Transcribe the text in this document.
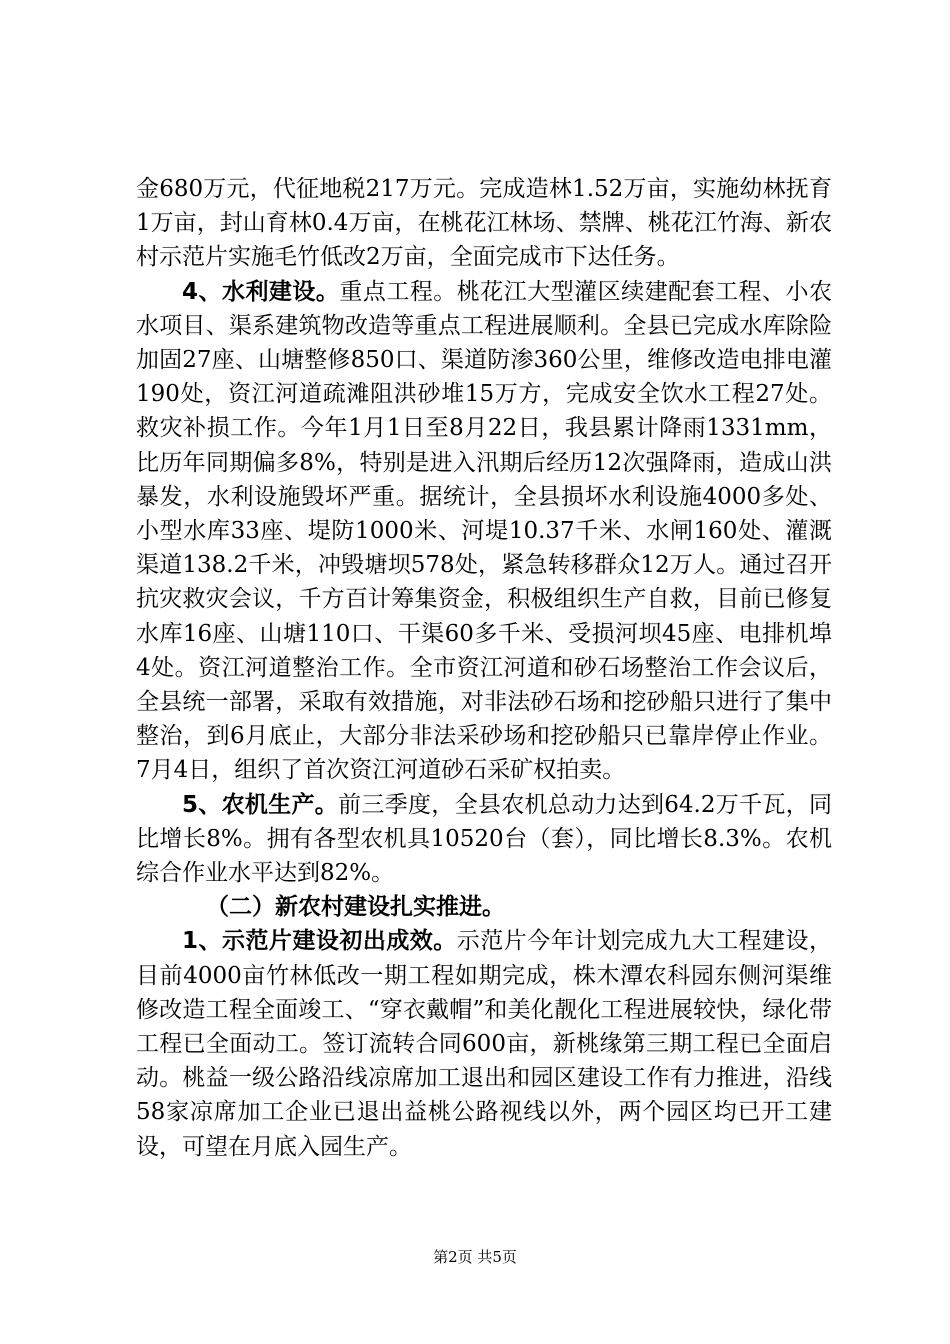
金680万元，代征地税217万元。完成造林1.52万亩，实施幼林抚育1万亩，封山育林0.4万亩，在桃花江林场、禁牌、桃花江竹海、新农村示范片实施毛竹低改2万亩，全面完成市下达任务。

4、水利建设。重点工程。桃花江大型灌区续建配套工程、小农水项目、渠系建筑物改造等重点工程进展顺利。全县已完成水库除险加固27座、山塘整修850口、渠道防渗360公里，维修改造电排电灌190处，资江河道疏滩阻洪砂堆15万方，完成安全饮水工程27处。救灾补损工作。今年1月1日至8月22日，我县累计降雨1331mm，比历年同期偏多8%，特别是进入汛期后经历12次强降雨，造成山洪暴发，水利设施毁坏严重。据统计，全县损坏水利设施4000多处、小型水库33座、堤防1000米、河堤10.37千米、水闸160处、灌溉渠道138.2千米，冲毁塘坝578处，紧急转移群众12万人。通过召开抗灾救灾会议，千方百计筹集资金，积极组织生产自救，目前已修复水库16座、山塘110口、干渠60多千米、受损河坝45座、电排机埠4处。资江河道整治工作。全市资江河道和砂石场整治工作会议后，全县统一部署，采取有效措施，对非法砂石场和挖砂船只进行了集中整治，到6月底止，大部分非法采砂场和挖砂船只已靠岸停止作业。7月4日，组织了首次资江河道砂石采矿权拍卖。

5、农机生产。前三季度，全县农机总动力达到64.2万千瓦，同比增长8%。拥有各型农机具10520台（套），同比增长8.3%。农机综合作业水平达到82%。

（二）新农村建设扎实推进。

1、示范片建设初出成效。示范片今年计划完成九大工程建设，目前4000亩竹林低改一期工程如期完成，株木潭农科园东侧河渠维修改造工程全面竣工、“穿衣戴帽”和美化靓化工程进展较快，绿化带工程已全面动工。签订流转合同600亩，新桃缘第三期工程已全面启动。桃益一级公路沿线凉席加工退出和园区建设工作有力推进，沿线58家凉席加工企业已退出益桃公路视线以外，两个园区均已开工建设，可望在月底入园生产。

第2页 共5页
